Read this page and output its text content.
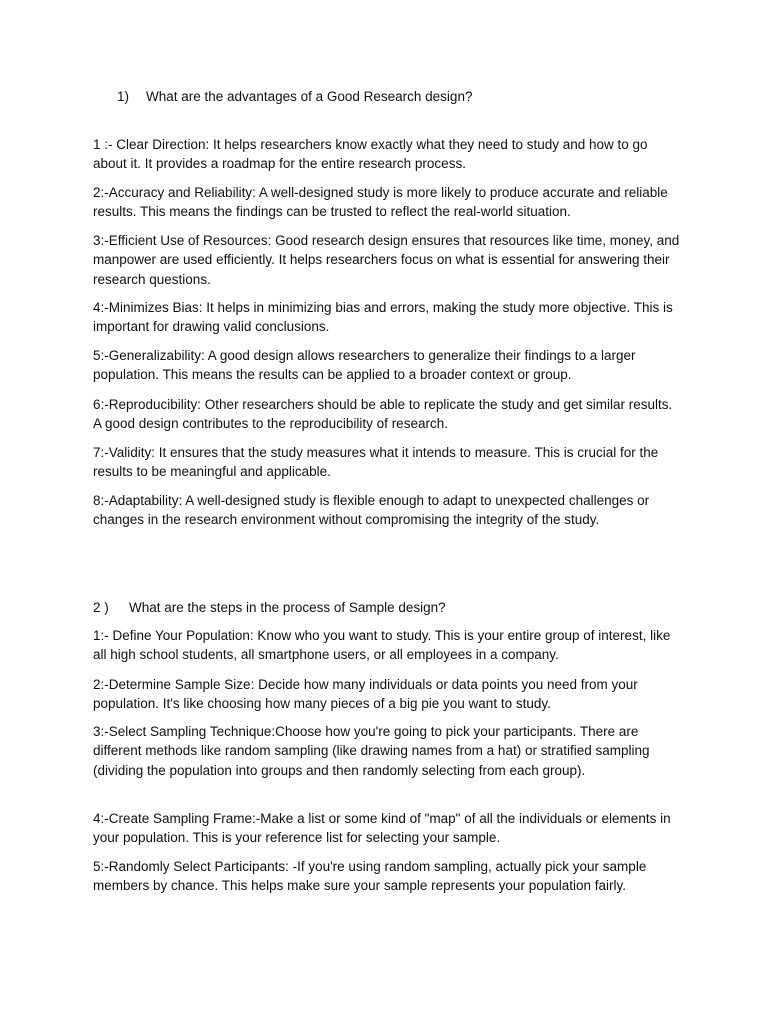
1) What are the advantages of a Good Research design?

1 :- Clear Direction: It helps researchers know exactly what they need to study and how to go about it. It provides a roadmap for the entire research process.

2:-Accuracy and Reliability: A well-designed study is more likely to produce accurate and reliable results. This means the findings can be trusted to reflect the real-world situation.

3:-Efficient Use of Resources: Good research design ensures that resources like time, money, and manpower are used efficiently. It helps researchers focus on what is essential for answering their research questions.

4:-Minimizes Bias: It helps in minimizing bias and errors, making the study more objective. This is important for drawing valid conclusions.

5:-Generalizability: A good design allows researchers to generalize their findings to a larger population. This means the results can be applied to a broader context or group.

6:-Reproducibility: Other researchers should be able to replicate the study and get similar results. A good design contributes to the reproducibility of research.

7:-Validity: It ensures that the study measures what it intends to measure. This is crucial for the results to be meaningful and applicable.

8:-Adaptability: A well-designed study is flexible enough to adapt to unexpected challenges or changes in the research environment without compromising the integrity of the study.

2 ) What are the steps in the process of Sample design?

1:- Define Your Population: Know who you want to study. This is your entire group of interest, like all high school students, all smartphone users, or all employees in a company.

2:-Determine Sample Size: Decide how many individuals or data points you need from your population. It's like choosing how many pieces of a big pie you want to study.

3:-Select Sampling Technique:Choose how you're going to pick your participants. There are different methods like random sampling (like drawing names from a hat) or stratified sampling (dividing the population into groups and then randomly selecting from each group).

4:-Create Sampling Frame:-Make a list or some kind of "map" of all the individuals or elements in your population. This is your reference list for selecting your sample.

5:-Randomly Select Participants: -If you're using random sampling, actually pick your sample members by chance. This helps make sure your sample represents your population fairly.
